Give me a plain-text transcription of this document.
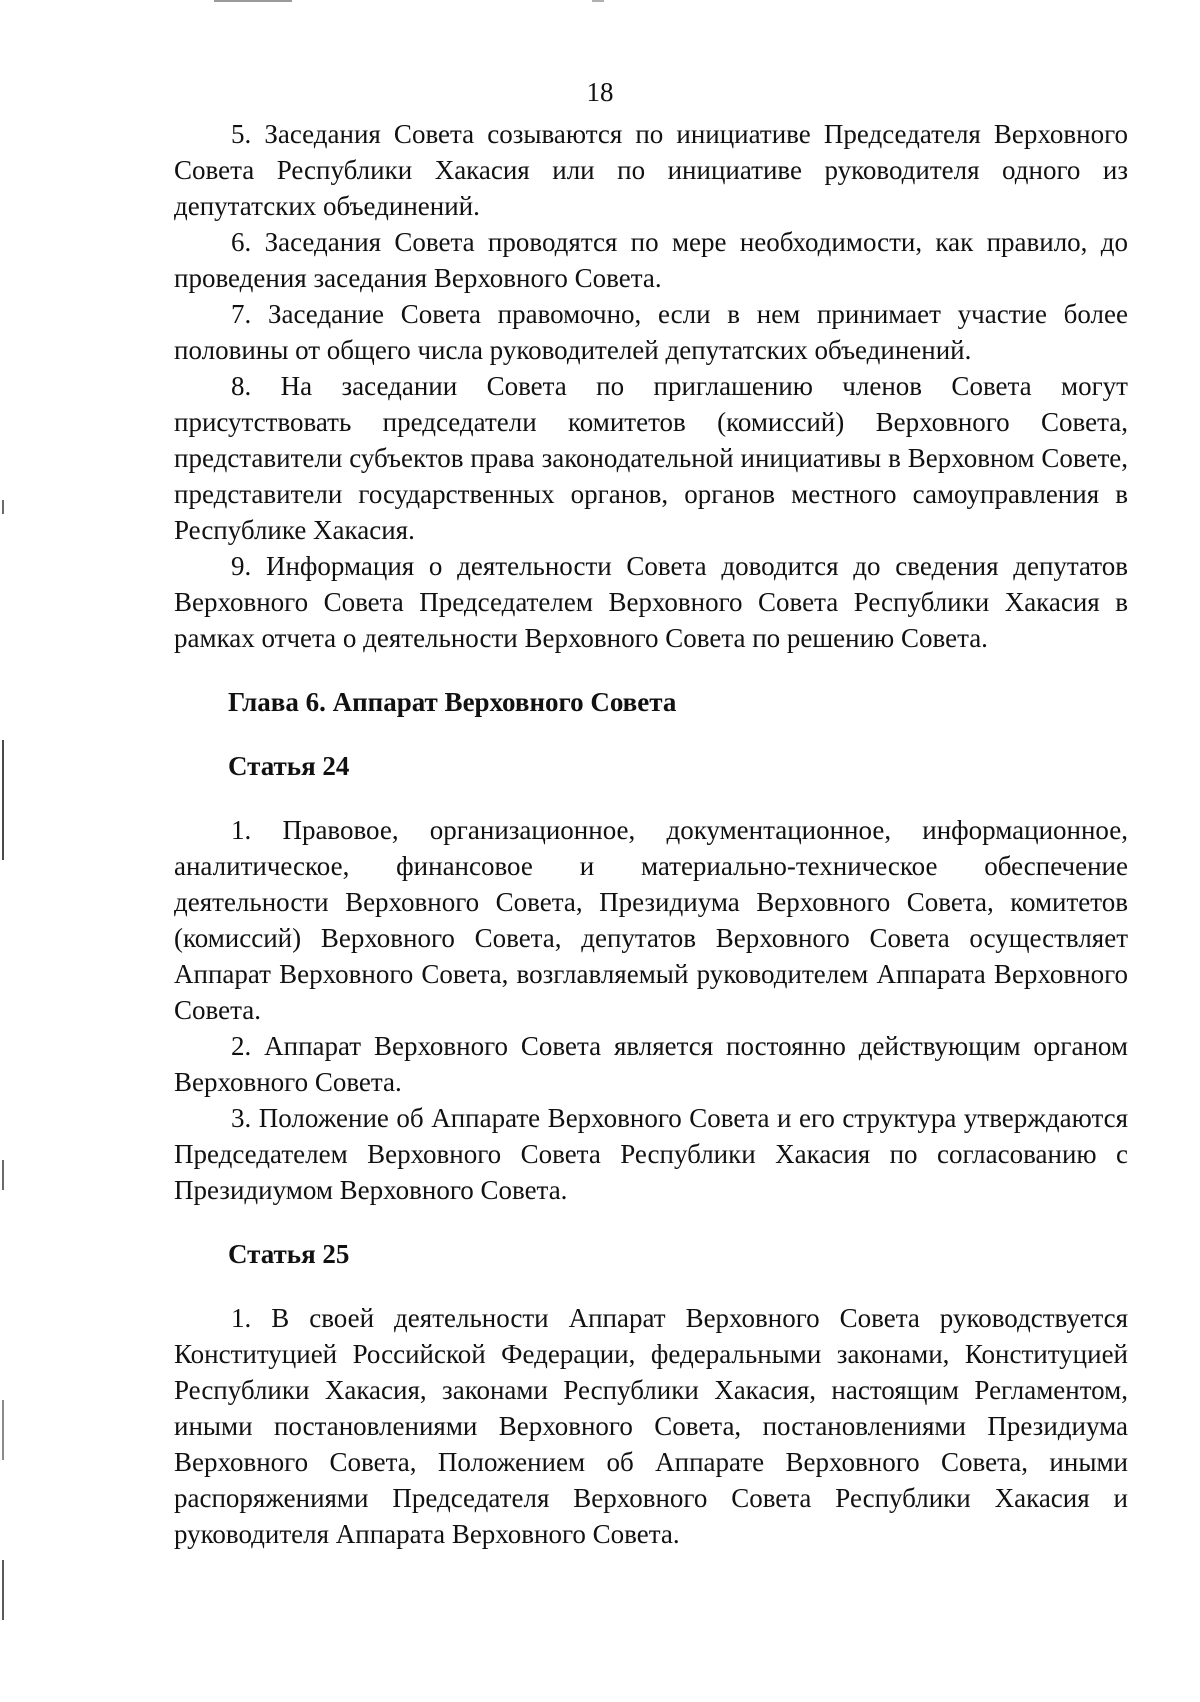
18

5. Заседания Совета созываются по инициативе Председателя Верховного Совета Республики Хакасия или по инициативе руководителя одного из депутатских объединений.

6. Заседания Совета проводятся по мере необходимости, как правило, до проведения заседания Верховного Совета.

7. Заседание Совета правомочно, если в нем принимает участие более половины от общего числа руководителей депутатских объединений.

8. На заседании Совета по приглашению членов Совета могут присутствовать председатели комитетов (комиссий) Верховного Совета, представители субъектов права законодательной инициативы в Верховном Совете, представители государственных органов, органов местного самоуправления в Республике Хакасия.

9. Информация о деятельности Совета доводится до сведения депутатов Верховного Совета Председателем Верховного Совета Республики Хакасия в рамках отчета о деятельности Верховного Совета по решению Совета.

Глава 6. Аппарат Верховного Совета
Статья 24

1. Правовое, организационное, документационное, информационное, аналитическое, финансовое и материально-техническое обеспечение деятельности Верховного Совета, Президиума Верховного Совета, комитетов (комиссий) Верховного Совета, депутатов Верховного Совета осуществляет Аппарат Верховного Совета, возглавляемый руководителем Аппарата Верховного Совета.

2. Аппарат Верховного Совета является постоянно действующим органом Верховного Совета.

3. Положение об Аппарате Верховного Совета и его структура утверждаются Председателем Верховного Совета Республики Хакасия по согласованию с Президиумом Верховного Совета.

Статья 25

1. В своей деятельности Аппарат Верховного Совета руководствуется Конституцией Российской Федерации, федеральными законами, Конституцией Республики Хакасия, законами Республики Хакасия, настоящим Регламентом, иными постановлениями Верховного Совета, постановлениями Президиума Верховного Совета, Положением об Аппарате Верховного Совета, иными распоряжениями Председателя Верховного Совета Республики Хакасия и руководителя Аппарата Верховного Совета.
